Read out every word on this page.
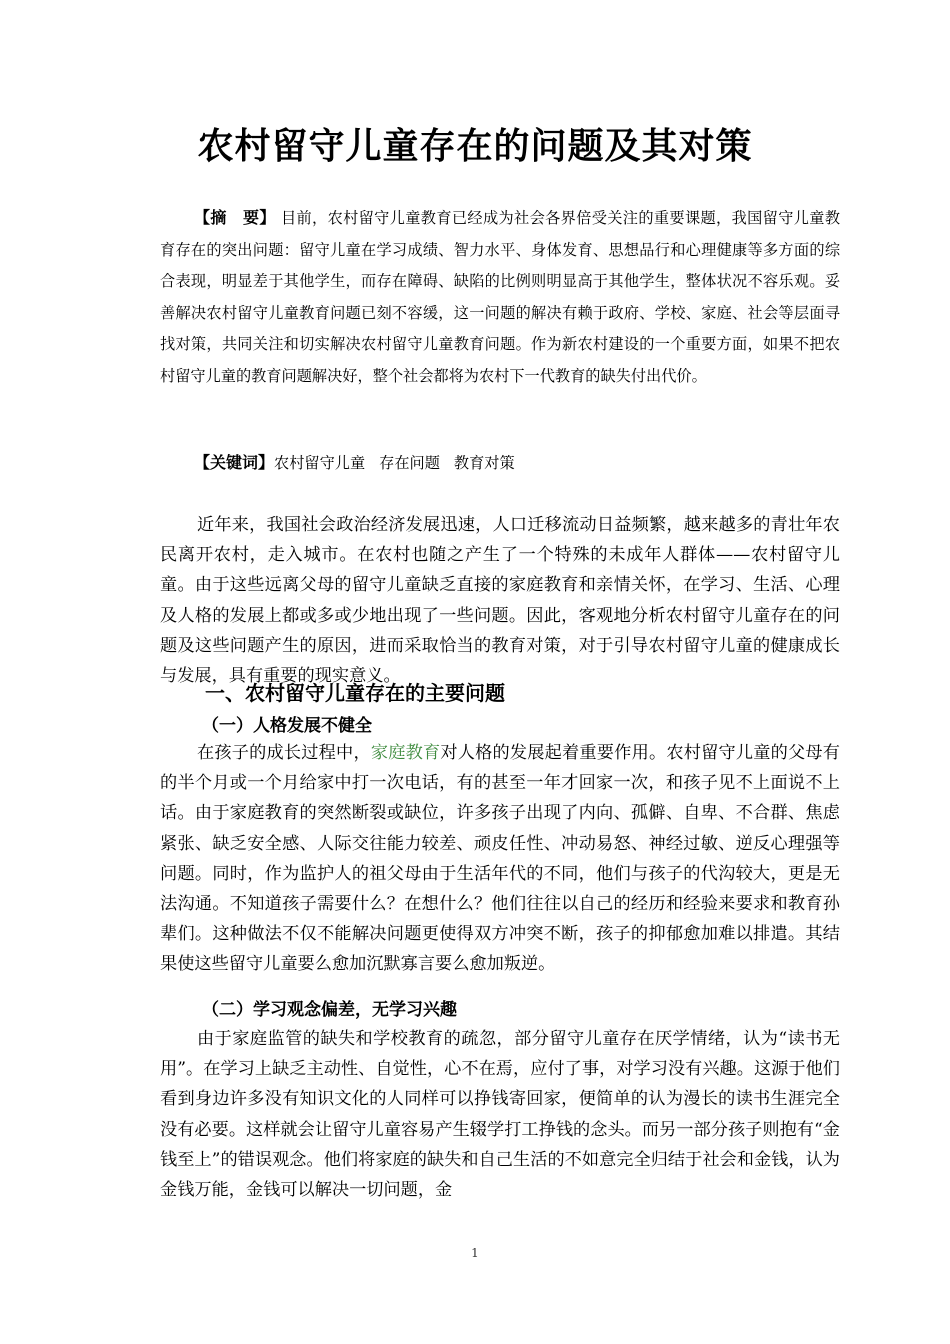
农村留守儿童存在的问题及其对策

【摘　要】 目前，农村留守儿童教育已经成为社会各界倍受关注的重要课题，我国留守儿童教育存在的突出问题：留守儿童在学习成绩、智力水平、身体发育、思想品行和心理健康等多方面的综合表现，明显差于其他学生，而存在障碍、缺陷的比例则明显高于其他学生，整体状况不容乐观。妥善解决农村留守儿童教育问题已刻不容缓，这一问题的解决有赖于政府、学校、家庭、社会等层面寻找对策，共同关注和切实解决农村留守儿童教育问题。作为新农村建设的一个重要方面，如果不把农村留守儿童的教育问题解决好，整个社会都将为农村下一代教育的缺失付出代价。

【关键词】农村留守儿童 存在问题 教育对策

近年来，我国社会政治经济发展迅速，人口迁移流动日益频繁，越来越多的青壮年农民离开农村，走入城市。在农村也随之产生了一个特殊的未成年人群体——农村留守儿童。由于这些远离父母的留守儿童缺乏直接的家庭教育和亲情关怀，在学习、生活、心理及人格的发展上都或多或少地出现了一些问题。因此，客观地分析农村留守儿童存在的问题及这些问题产生的原因，进而采取恰当的教育对策，对于引导农村留守儿童的健康成长与发展，具有重要的现实意义。

一、农村留守儿童存在的主要问题
（一）人格发展不健全

在孩子的成长过程中，家庭教育对人格的发展起着重要作用。农村留守儿童的父母有的半个月或一个月给家中打一次电话，有的甚至一年才回家一次，和孩子见不上面说不上话。由于家庭教育的突然断裂或缺位，许多孩子出现了内向、孤僻、自卑、不合群、焦虑紧张、缺乏安全感、人际交往能力较差、顽皮任性、冲动易怒、神经过敏、逆反心理强等问题。同时，作为监护人的祖父母由于生活年代的不同，他们与孩子的代沟较大，更是无法沟通。不知道孩子需要什么？在想什么？他们往往以自己的经历和经验来要求和教育孙辈们。这种做法不仅不能解决问题更使得双方冲突不断，孩子的抑郁愈加难以排遣。其结果使这些留守儿童要么愈加沉默寡言要么愈加叛逆。

（二）学习观念偏差，无学习兴趣

由于家庭监管的缺失和学校教育的疏忽，部分留守儿童存在厌学情绪，认为“读书无用”。在学习上缺乏主动性、自觉性，心不在焉，应付了事，对学习没有兴趣。这源于他们看到身边许多没有知识文化的人同样可以挣钱寄回家，便简单的认为漫长的读书生涯完全没有必要。这样就会让留守儿童容易产生辍学打工挣钱的念头。而另一部分孩子则抱有“金钱至上”的错误观念。他们将家庭的缺失和自己生活的不如意完全归结于社会和金钱，认为金钱万能，金钱可以解决一切问题，金

1
